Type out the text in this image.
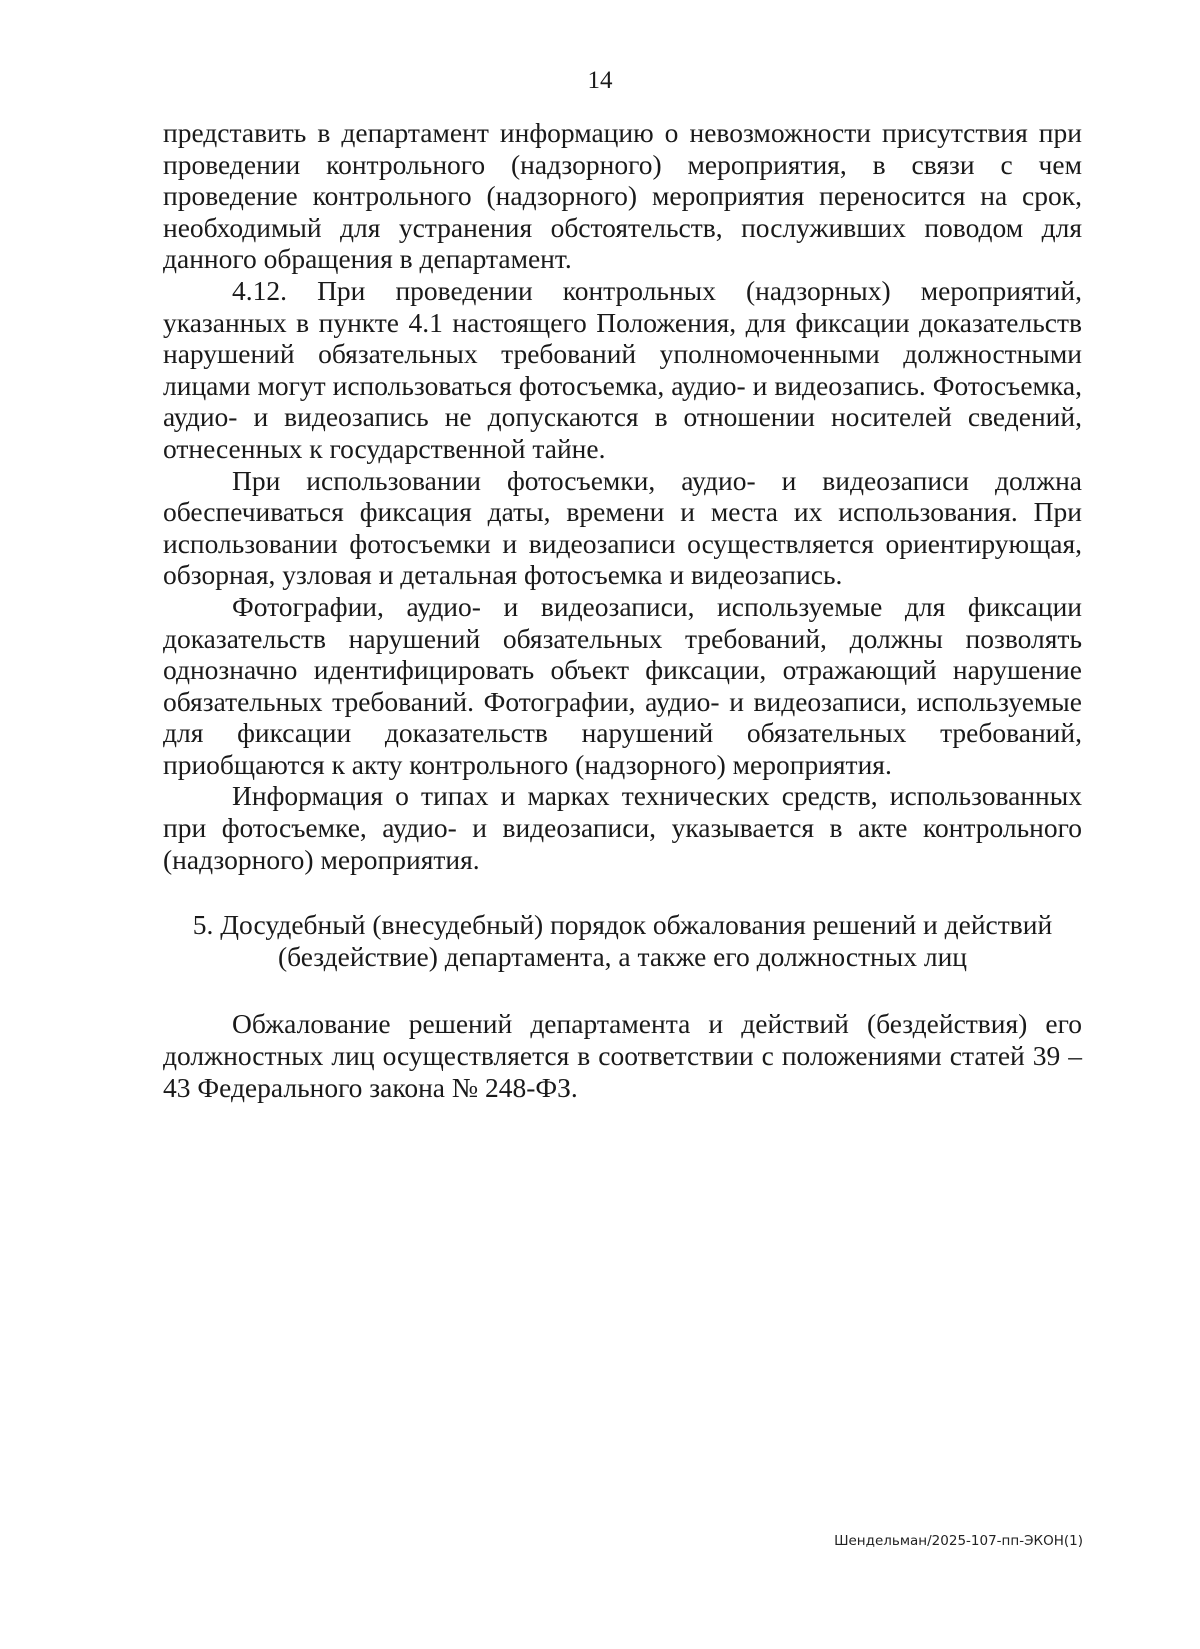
14

представить в департамент информацию о невозможности присутствия при проведении контрольного (надзорного) мероприятия, в связи с чем проведение контрольного (надзорного) мероприятия переносится на срок, необходимый для устранения обстоятельств, послуживших поводом для данного обращения в департамент.

4.12. При проведении контрольных (надзорных) мероприятий, указанных в пункте 4.1 настоящего Положения, для фиксации доказательств нарушений обязательных требований уполномоченными должностными лицами могут использоваться фотосъемка, аудио- и видеозапись. Фотосъемка, аудио- и видеозапись не допускаются в отношении носителей сведений, отнесенных к государственной тайне.

При использовании фотосъемки, аудио- и видеозаписи должна обеспечиваться фиксация даты, времени и места их использования. При использовании фотосъемки и видеозаписи осуществляется ориентирующая, обзорная, узловая и детальная фотосъемка и видеозапись.

Фотографии, аудио- и видеозаписи, используемые для фиксации доказательств нарушений обязательных требований, должны позволять однозначно идентифицировать объект фиксации, отражающий нарушение обязательных требований. Фотографии, аудио- и видеозаписи, используемые для фиксации доказательств нарушений обязательных требований, приобщаются к акту контрольного (надзорного) мероприятия.

Информация о типах и марках технических средств, использованных при фотосъемке, аудио- и видеозаписи, указывается в акте контрольного (надзорного) мероприятия.

5. Досудебный (внесудебный) порядок обжалования решений и действий
(бездействие) департамента, а также его должностных лиц

Обжалование решений департамента и действий (бездействия) его должностных лиц осуществляется в соответствии с положениями статей 39 – 43 Федерального закона № 248-ФЗ.

Шендельман/2025-107-пп-ЭКОН(1)
